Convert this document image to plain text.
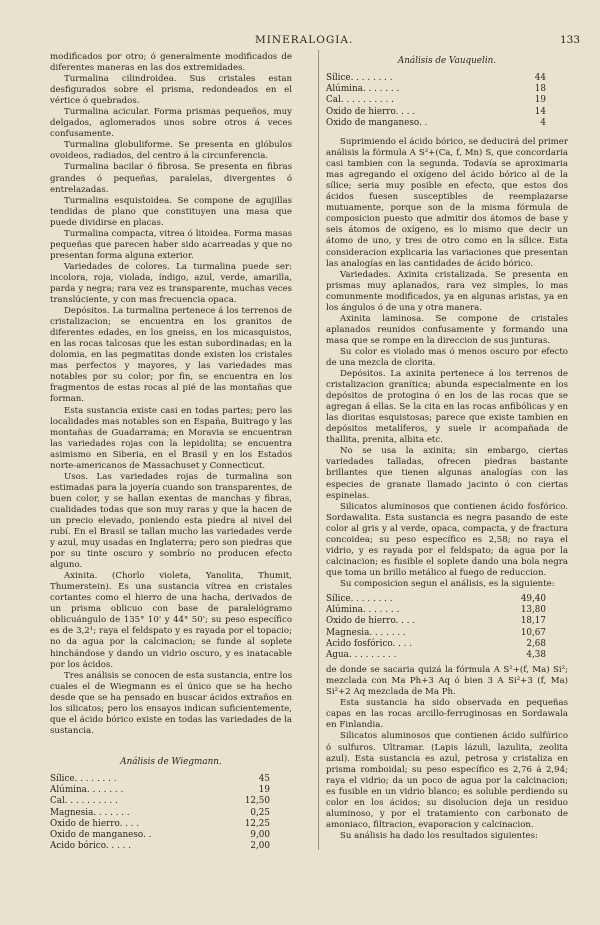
MINERALOGIA.	133

modificados por otro; ó generalmente modificados de diferentes maneras en las dos extremidades.

Turmalina cilindroidea. Sus cristales estan desfigurados sobre el prisma, redondeados en el vértice ó quebrados.

Turmalina acicular. Forma prismas pequeños, muy delgados, aglomerados unos sobre otros á veces confusamente.

Turmalina globuliforme. Se presenta en glóbulos ovoideos, radiados, del centro á la circunferencia.

Turmalina bacilar ó fibrosa. Se presenta en fibras grandes ó pequeñas, paralelas, divergentes ó entrelazadas.

Turmalina esquistoidea. Se compone de agujillas tendidas de plano que constituyen una masa que puede dividirse en placas.

Turmalina compacta, vitrea ó litoidea. Forma masas pequeñas que parecen haber sido acarreadas y que no presentan forma alguna exterior.

Variedades de colores. La turmalina puede ser: incolora, roja, violada, índigo, azul, verde, amarilla, parda y negra; rara vez es transparente, muchas veces translúciente, y con mas frecuencia opaca.

Depósitos. La turmalina pertenece á los terrenos de cristalizacion; se encuentra en los granitos de diferentes edades, en los gneiss, en los micasquistos, en las rocas talcosas que les estan subordinadas; en la dolomia, en las pegmatitas donde existen los cristales mas perfectos y mayores, y las variedades mas notables por su color; por fin, se encuentra en los fragmentos de estas rocas al pié de las montañas que forman.

Esta sustancia existe casi en todas partes; pero las localidades mas notables son en España, Buitrago y las montañas de Guadarrama; en Moravia se encuentran las variedades rojas con la lepidolita; se encuentra asimismo en Siberia, en el Brasil y en los Estados norte-americanos de Massachuset y Connecticut.

Usos. Las variedades rojas de turmalina son estimadas para la joyería cuando son transparentes, de buen color, y se hallan exentas de manchas y fibras, cualidades todas que son muy raras y que la hacen de un precio elevado, poniendo esta piedra al nivel del rubí. En el Brasil se tallan mucho las variedades verde y azul, muy usadas en Inglaterra; pero son piedras que por su tinte oscuro y sombrío no producen efecto alguno.

Axinita. (Chorlo violeta, Yanolita, Thumit, Thumerstein). Es una sustancia vítrea en cristales cortantes como el hierro de una hacha, derivados de un prisma oblicuo con base de paralelógramo oblicuángulo de 135° 10' y 44° 50'; su peso específico es de 3,2¹; raya el feldspato y es rayada por el topacio; no da agua por la calcinacion; se funde al soplete hinchándose y dando un vidrio oscuro, y es inatacable por los ácidos.

Tres análisis se conocen de esta sustancia, entre los cuales el de Wiegmann es el único que se ha hecho desde que se ha pensado en buscar ácidos extraños en los silicatos; pero los ensayos indican suficientemente, que el ácido bórico existe en todas las variedades de la sustancia.

Análisis de Wiegmann.
Sílice. . . . . . . .	45
Alúmina. . . . . . .	19
Cal. . . . . . . . . .	12,50
Magnesia. . . . . . .	0,25
Oxido de hierro. . . .	12,25
Oxido de manganeso. .	9,00
Acido bórico. . . . .	2,00
Análisis de Vauquelin.
Sílice. . . . . . . .	44
Alúmina. . . . . . .	18
Cal. . . . . . . . . .	19
Oxido de hierro. . . .	14
Oxido de manganeso. .	4

Suprimiendo el ácido bórico, se deducirá del primer análisis la fórmula A S²+(Ca, f, Mn) S, que concordaria casi tambien con la segunda. Todavía se aproximaria mas agregando el oxígeno del ácido bórico al de la sílice; seria muy posible en efecto, que estos dos ácidos fuesen susceptibles de reemplazarse mutuamente, porque son de la misma fórmula de composicion puesto que admitir dos átomos de base y seis átomos de oxígeno, es lo mismo que decir un átomo de uno, y tres de otro como en la sílice. Esta consideracion explicaria las variaciones que presentan las analogías en las cantidades de ácido bórico.

Variedades. Axinita cristalizada. Se presenta en prismas muy aplanados, rara vez simples, lo mas comunmente modificados, ya en algunas aristas, ya en los ángulos ó de una y otra manera.

Axinita laminosa. Se compone de cristales aplanados reunidos confusamente y formando una masa que se rompe en la direccion de sus junturas.

Su color es violado mas ó menos oscuro por efecto de una mezcla de clorita.

Depósitos. La axinita pertenece á los terrenos de cristalizacion granítica; abunda especialmente en los depósitos de protogina ó en los de las rocas que se agregan á ellas. Se la cita en las rocas anfibólicas y en las dioritas esquistosas; parece que existe tambien en depósitos metalíferos, y suele ir acompañada de thallita, prenita, albita etc.

No se usa la axinita; sin embargo, ciertas variedades talladas, ofrecen piedras bastante brillantes que tienen algunas analogías con las especies de granate llamado jacinto ó con ciertas espinelas.

Silicatos aluminosos que contienen ácido fosfórico. Sordawalita. Esta sustancia es negra pasando de este color al gris y al verde, opaca, compacta, y de fractura concoidea; su peso específico es 2,58; no raya el vidrio, y es rayada por el feldspato; da agua por la calcinacion; es fusible el soplete dando una bola negra que toma un brillo metálico al fuego de reduccion.

Su composicion segun el análisis, es la siguiente:

Sílice. . . . . . . .	49,40
Alúmina. . . . . . .	13,80
Oxido de hierro. . . .	18,17
Magnesia. . . . . . .	10,67
Acido fosfórico. . . .	2,68
Agua. . . . . . . . .	4,38

de donde se sacaria quizá la fórmula A S²+(f, Ma) Si²; mezclada con Ma Ph+3 Aq ó bien 3 A Si²+3 (f, Ma) Si²+2 Aq mezclada de Ma Ph.

Esta sustancia ha sido observada en pequeñas capas en las rocas arcillo-ferruginosas en Sordawala en Finlandia.

Silicatos aluminosos que contienen ácido sulfúrico ó sulfuros. Ultramar. (Lapis lázuli, lazulita, zeolita azul). Esta sustancia es azul, petrosa y cristaliza en prisma romboidal; su peso específico es 2,76 á 2,94; raya el vidrio; da un poco de agua por la calcinacion; es fusible en un vidrio blanco; es soluble perdiendo su color en los ácidos; su disolucion deja un residuo aluminoso, y por el tratamiento con carbonato de amoniaco, filtracion, evaporacion y calcinacion.

Su análisis ha dado los resultados siguientes:
